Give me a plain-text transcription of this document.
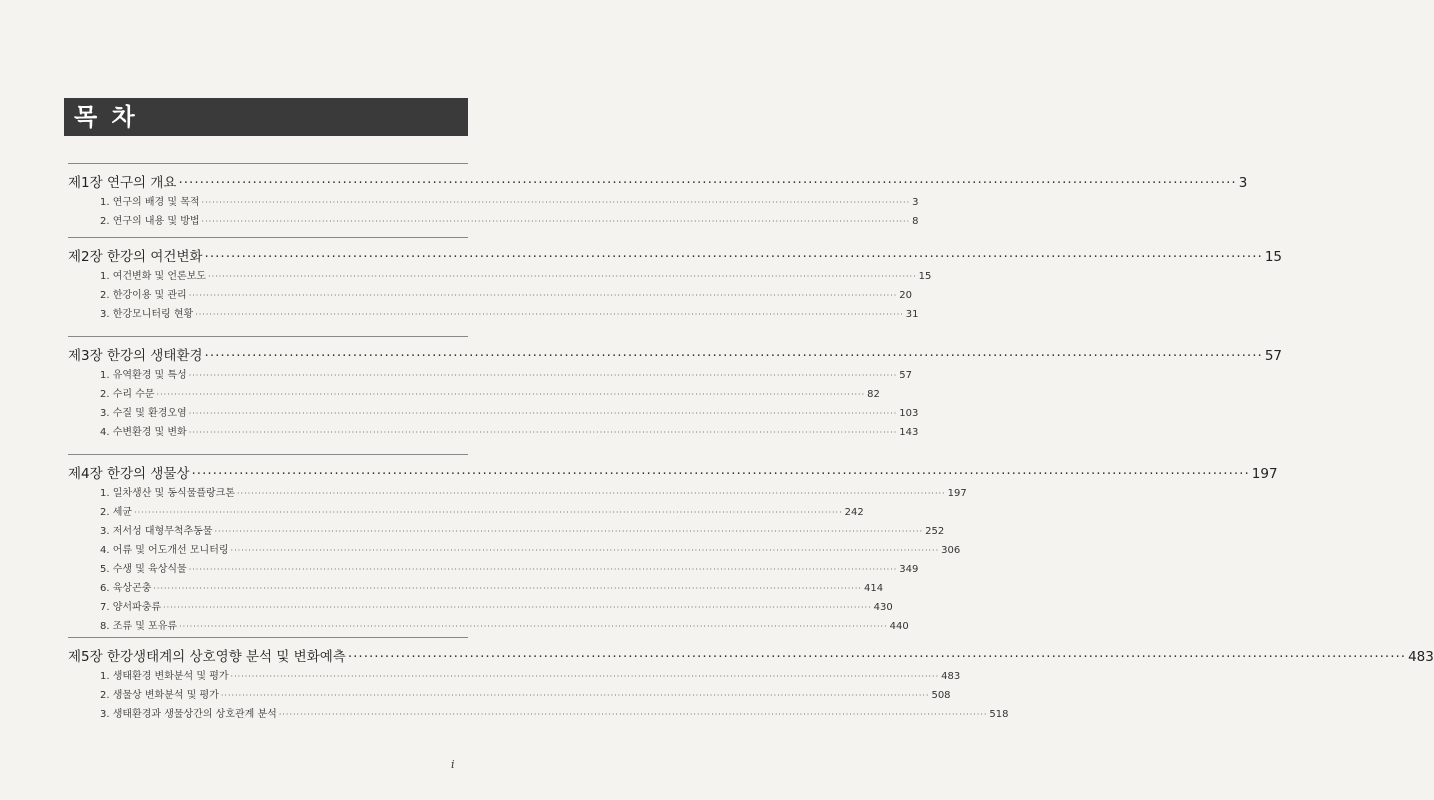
목 차
제1장 연구의 개요 ········································································································································································································ 3
1. 연구의 배경 및 목적 ········································································································································································································ 3
2. 연구의 내용 및 방법 ········································································································································································································ 8
제2장 한강의 여건변화 ········································································································································································································ 15
1. 여건변화 및 언론보도 ········································································································································································································ 15
2. 한강이용 및 관리 ········································································································································································································ 20
3. 한강모니터링 현황 ········································································································································································································ 31
제3장 한강의 생태환경 ········································································································································································································ 57
1. 유역환경 및 특성 ········································································································································································································ 57
2. 수리 수문 ········································································································································································································ 82
3. 수질 및 환경오염 ········································································································································································································ 103
4. 수변환경 및 변화 ········································································································································································································ 143
제4장 한강의 생물상 ········································································································································································································ 197
1. 일차생산 및 동식물플랑크톤 ········································································································································································································ 197
2. 세균 ········································································································································································································ 242
3. 저서성 대형무척추동물 ········································································································································································································ 252
4. 어류 및 어도개선 모니터링 ········································································································································································································ 306
5. 수생 및 육상식물 ········································································································································································································ 349
6. 육상곤충 ········································································································································································································ 414
7. 양서파충류 ········································································································································································································ 430
8. 조류 및 포유류 ········································································································································································································ 440
제5장 한강생태계의 상호영향 분석 및 변화예측 ········································································································································································································ 483
1. 생태환경 변화분석 및 평가 ········································································································································································································ 483
2. 생물상 변화분석 및 평가 ········································································································································································································ 508
3. 생태환경과 생물상간의 상호관계 분석 ········································································································································································································ 518
i
